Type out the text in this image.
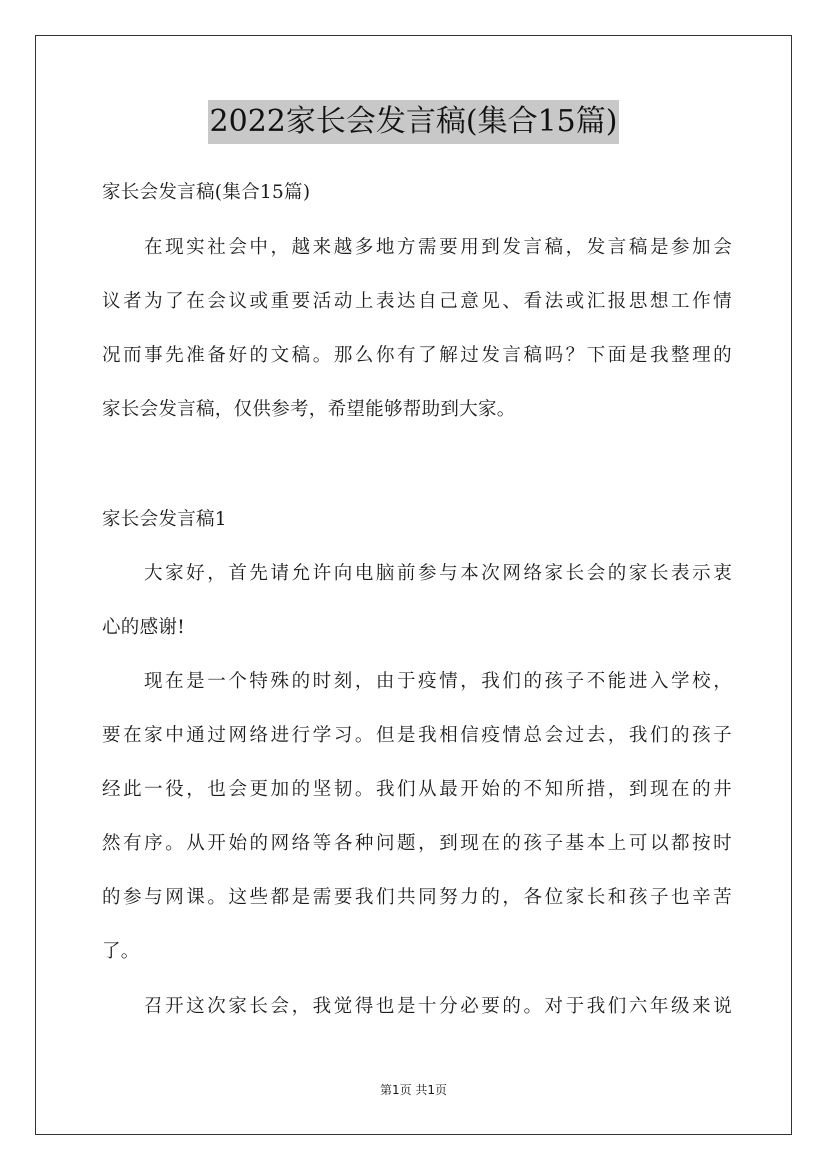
2022家长会发言稿(集合15篇)
家长会发言稿(集合15篇)
在现实社会中，越来越多地方需要用到发言稿，发言稿是参加会
议者为了在会议或重要活动上表达自己意见、看法或汇报思想工作情
况而事先准备好的文稿。那么你有了解过发言稿吗？下面是我整理的
家长会发言稿，仅供参考，希望能够帮助到大家。
家长会发言稿1
大家好，首先请允许向电脑前参与本次网络家长会的家长表示衷
心的感谢!
现在是一个特殊的时刻，由于疫情，我们的孩子不能进入学校，
要在家中通过网络进行学习。但是我相信疫情总会过去，我们的孩子
经此一役，也会更加的坚韧。我们从最开始的不知所措，到现在的井
然有序。从开始的网络等各种问题，到现在的孩子基本上可以都按时
的参与网课。这些都是需要我们共同努力的，各位家长和孩子也辛苦
了。
召开这次家长会，我觉得也是十分必要的。对于我们六年级来说
第1页 共1页
